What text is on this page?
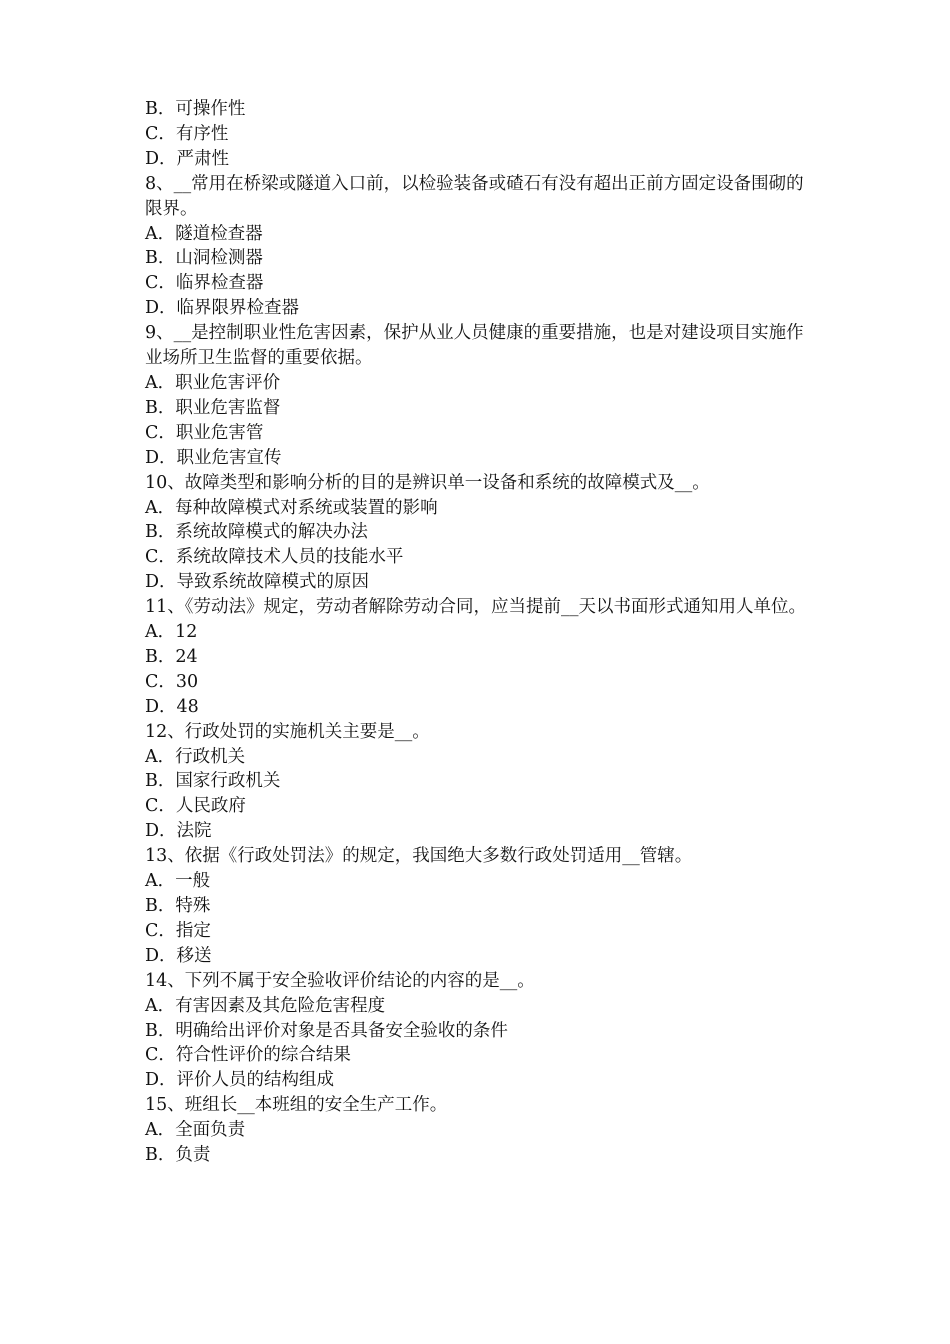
B．可操作性

C．有序性

D．严肃性

8、__常用在桥梁或隧道入口前，以检验装备或碴石有没有超出正前方固定设备围砌的限界。

A．隧道检查器

B．山洞检测器

C．临界检查器

D．临界限界检查器

9、__是控制职业性危害因素，保护从业人员健康的重要措施，也是对建设项目实施作业场所卫生监督的重要依据。

A．职业危害评价

B．职业危害监督

C．职业危害管

D．职业危害宣传

10、故障类型和影响分析的目的是辨识单一设备和系统的故障模式及__。

A．每种故障模式对系统或装置的影响

B．系统故障模式的解决办法

C．系统故障技术人员的技能水平

D．导致系统故障模式的原因

11、《劳动法》规定，劳动者解除劳动合同，应当提前__天以书面形式通知用人单位。

A．12

B．24

C．30

D．48

12、行政处罚的实施机关主要是__。

A．行政机关

B．国家行政机关

C．人民政府

D．法院

13、依据《行政处罚法》的规定，我国绝大多数行政处罚适用__管辖。

A．一般

B．特殊

C．指定

D．移送

14、下列不属于安全验收评价结论的内容的是__。

A．有害因素及其危险危害程度

B．明确给出评价对象是否具备安全验收的条件

C．符合性评价的综合结果

D．评价人员的结构组成

15、班组长__本班组的安全生产工作。

A．全面负责

B．负责
